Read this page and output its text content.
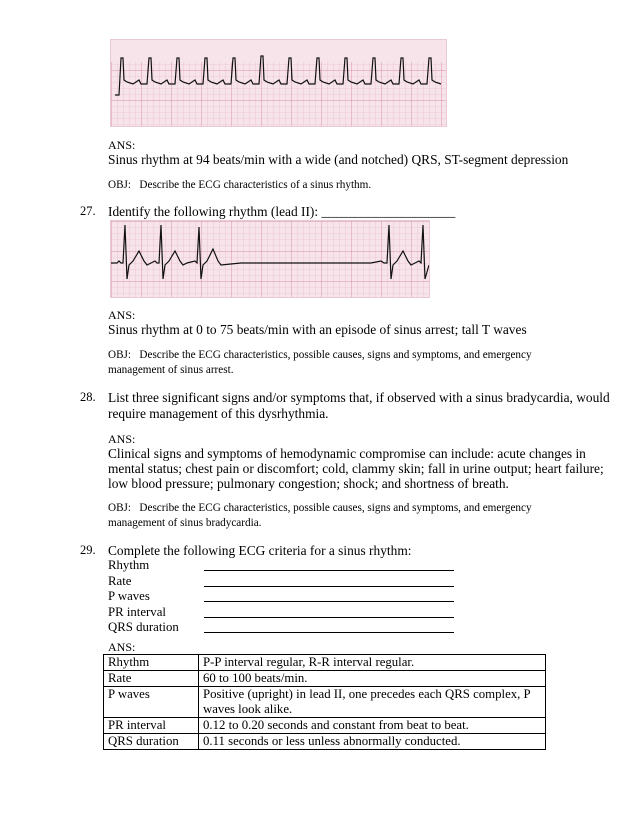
ANS:
Sinus rhythm at 94 beats/min with a wide (and notched) QRS, ST-segment depression
OBJ:   Describe the ECG characteristics of a sinus rhythm.
27. Identify the following rhythm (lead II): ____________________
ANS:
Sinus rhythm at 0 to 75 beats/min with an episode of sinus arrest; tall T waves
OBJ:   Describe the ECG characteristics, possible causes, signs and symptoms, and emergency
management of sinus arrest.
28. List three significant signs and/or symptoms that, if observed with a sinus bradycardia, would
require management of this dysrhythmia.
ANS:
Clinical signs and symptoms of hemodynamic compromise can include: acute changes in
mental status; chest pain or discomfort; cold, clammy skin; fall in urine output; heart failure;
low blood pressure; pulmonary congestion; shock; and shortness of breath.
OBJ:   Describe the ECG characteristics, possible causes, signs and symptoms, and emergency
management of sinus bradycardia.
29. Complete the following ECG criteria for a sinus rhythm:
Rhythm
Rate
P waves
PR interval
QRS duration
ANS:
Rhythm	P-P interval regular, R-R interval regular.
Rate	60 to 100 beats/min.
P waves	Positive (upright) in lead II, one precedes each QRS complex, P
waves look alike.

PR interval	0.12 to 0.20 seconds and constant from beat to beat.
QRS duration	0.11 seconds or less unless abnormally conducted.
